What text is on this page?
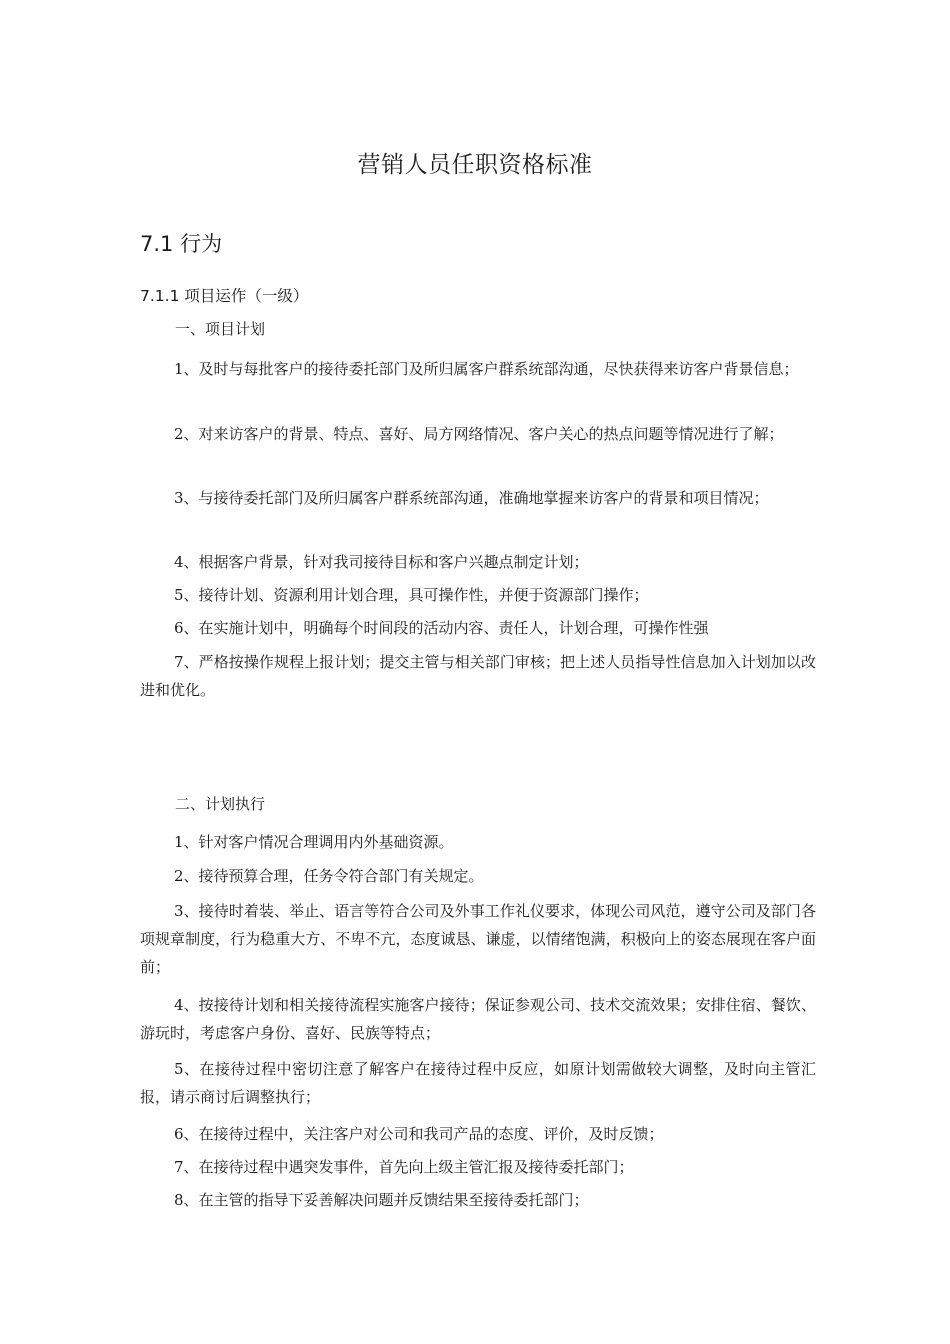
营销人员任职资格标准
7.1 行为
7.1.1 项目运作（一级）
一、项目计划
1、及时与每批客户的接待委托部门及所归属客户群系统部沟通，尽快获得来访客户背景信息；
2、对来访客户的背景、特点、喜好、局方网络情况、客户关心的热点问题等情况进行了解；
3、与接待委托部门及所归属客户群系统部沟通，准确地掌握来访客户的背景和项目情况；
4、根据客户背景，针对我司接待目标和客户兴趣点制定计划；
5、接待计划、资源利用计划合理，具可操作性，并便于资源部门操作；
6、在实施计划中，明确每个时间段的活动内容、责任人，计划合理，可操作性强
7、严格按操作规程上报计划；提交主管与相关部门审核；把上述人员指导性信息加入计划加以改进和优化。
二、计划执行
1、针对客户情况合理调用内外基础资源。
2、接待预算合理，任务令符合部门有关规定。
3、接待时着装、举止、语言等符合公司及外事工作礼仪要求，体现公司风范，遵守公司及部门各项规章制度，行为稳重大方、不卑不亢，态度诚恳、谦虚，以情绪饱满，积极向上的姿态展现在客户面前；
4、按接待计划和相关接待流程实施客户接待；保证参观公司、技术交流效果；安排住宿、餐饮、游玩时，考虑客户身份、喜好、民族等特点；
5、在接待过程中密切注意了解客户在接待过程中反应，如原计划需做较大调整，及时向主管汇报，请示商讨后调整执行；
6、在接待过程中，关注客户对公司和我司产品的态度、评价，及时反馈；
7、在接待过程中遇突发事件，首先向上级主管汇报及接待委托部门；
8、在主管的指导下妥善解决问题并反馈结果至接待委托部门；
